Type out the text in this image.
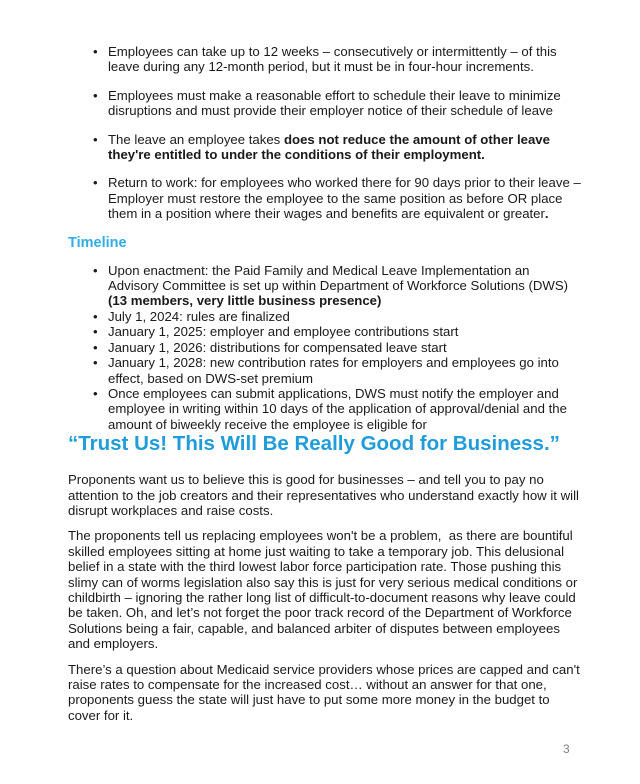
• Employees can take up to 12 weeks – consecutively or intermittently – of this leave during any 12-month period, but it must be in four-hour increments.
• Employees must make a reasonable effort to schedule their leave to minimize disruptions and must provide their employer notice of their schedule of leave
• The leave an employee takes does not reduce the amount of other leave they're entitled to under the conditions of their employment.
• Return to work: for employees who worked there for 90 days prior to their leave – Employer must restore the employee to the same position as before OR place them in a position where their wages and benefits are equivalent or greater.
Timeline
• Upon enactment: the Paid Family and Medical Leave Implementation an Advisory Committee is set up within Department of Workforce Solutions (DWS) (13 members, very little business presence)
• July 1, 2024: rules are finalized
• January 1, 2025: employer and employee contributions start
• January 1, 2026: distributions for compensated leave start
• January 1, 2028: new contribution rates for employers and employees go into effect, based on DWS-set premium
• Once employees can submit applications, DWS must notify the employer and employee in writing within 10 days of the application of approval/denial and the amount of biweekly receive the employee is eligible for
“Trust Us! This Will Be Really Good for Business.”

Proponents want us to believe this is good for businesses – and tell you to pay no attention to the job creators and their representatives who understand exactly how it will disrupt workplaces and raise costs.

The proponents tell us replacing employees won't be a problem,  as there are bountiful skilled employees sitting at home just waiting to take a temporary job. This delusional belief in a state with the third lowest labor force participation rate. Those pushing this slimy can of worms legislation also say this is just for very serious medical conditions or childbirth – ignoring the rather long list of difficult-to-document reasons why leave could be taken. Oh, and let’s not forget the poor track record of the Department of Workforce Solutions being a fair, capable, and balanced arbiter of disputes between employees and employers.

There’s a question about Medicaid service providers whose prices are capped and can't raise rates to compensate for the increased cost… without an answer for that one, proponents guess the state will just have to put some more money in the budget to cover for it.

3
